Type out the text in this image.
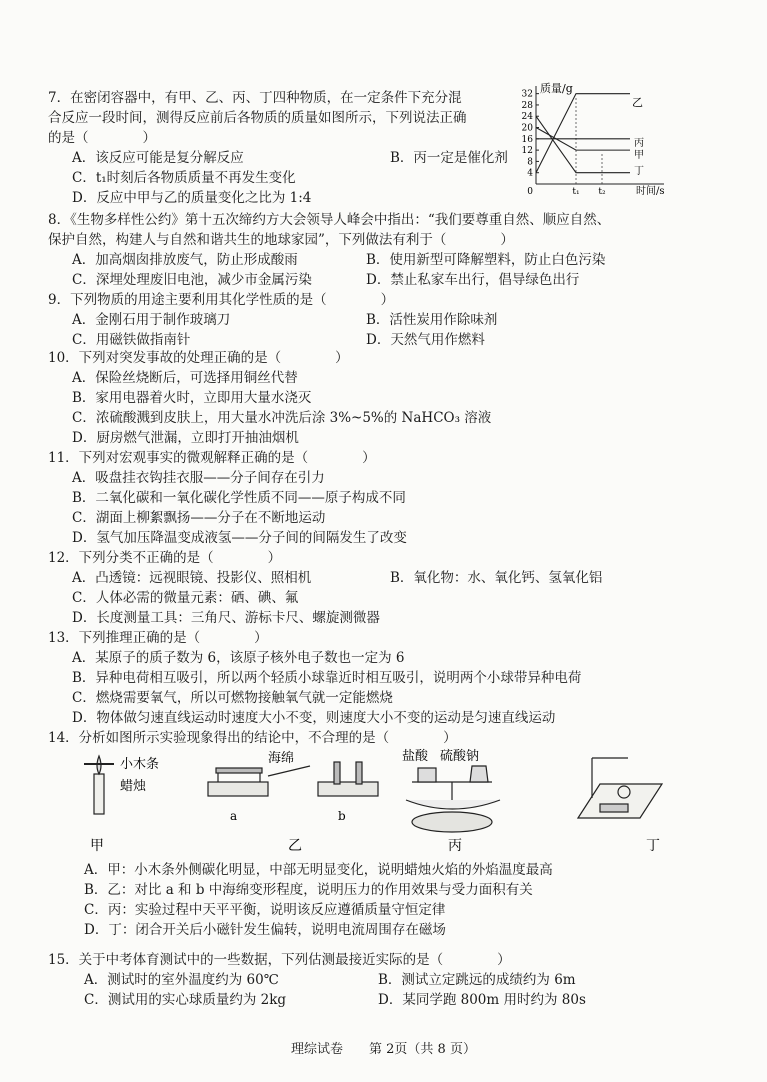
7．在密闭容器中，有甲、乙、丙、丁四种物质，在一定条件下充分混
合反应一段时间，测得反应前后各物质的质量如图所示，下列说法正确
的是（　　　　）
A．该反应可能是复分解反应	B．丙一定是催化剂
C．t₁时刻后各物质质量不再发生变化
D．反应中甲与乙的质量变化之比为 1:4
质量/g
32
28
24
20
16
12
8
4
0	t₁ t₂	时间/s
乙
丙
甲
丁
8．《生物多样性公约》第十五次缔约方大会领导人峰会中指出：“我们要尊重自然、顺应自然、
保护自然，构建人与自然和谐共生的地球家园”，下列做法有利于（　　　　）
A．加高烟囱排放废气，防止形成酸雨	B．使用新型可降解塑料，防止白色污染
C．深埋处理废旧电池，减少市金属污染	D．禁止私家车出行，倡导绿色出行
9．下列物质的用途主要利用其化学性质的是（　　　　）
A．金刚石用于制作玻璃刀	B．活性炭用作除味剂
C．用磁铁做指南针	D．天然气用作燃料
10．下列对突发事故的处理正确的是（　　　　）
A．保险丝烧断后，可选择用铜丝代替
B．家用电器着火时，立即用大量水浇灭
C．浓硫酸溅到皮肤上，用大量水冲洗后涂 3%~5%的 NaHCO₃ 溶液
D．厨房燃气泄漏，立即打开抽油烟机
11．下列对宏观事实的微观解释正确的是（　　　　）
A．吸盘挂衣钩挂衣服——分子间存在引力
B．二氧化碳和一氧化碳化学性质不同——原子构成不同
C．湖面上柳絮飘扬——分子在不断地运动
D．氢气加压降温变成液氢——分子间的间隔发生了改变
12．下列分类不正确的是（　　　　）
A．凸透镜：远视眼镜、投影仪、照相机	B．氧化物：水、氧化钙、氢氧化铝
C．人体必需的微量元素：硒、碘、氟
D．长度测量工具：三角尺、游标卡尺、螺旋测微器
13．下列推理正确的是（　　　　）
A．某原子的质子数为 6，该原子核外电子数也一定为 6
B．异种电荷相互吸引，所以两个轻质小球靠近时相互吸引，说明两个小球带异种电荷
C．燃烧需要氧气，所以可燃物接触氧气就一定能燃烧
D．物体做匀速直线运动时速度大小不变，则速度大小不变的运动是匀速直线运动
14．分析如图所示实验现象得出的结论中，不合理的是（　　　　）
小木条
蜡烛
海绵
a	b
盐酸 硫酸钠
甲	乙	丙	丁
A．甲：小木条外侧碳化明显，中部无明显变化，说明蜡烛火焰的外焰温度最高
B．乙：对比 a 和 b 中海绵变形程度，说明压力的作用效果与受力面积有关
C．丙：实验过程中天平平衡，说明该反应遵循质量守恒定律
D．丁：闭合开关后小磁针发生偏转，说明电流周围存在磁场
15．关于中考体育测试中的一些数据，下列估测最接近实际的是（　　　　）
A．测试时的室外温度约为 60℃	B．测试立定跳远的成绩约为 6m
C．测试用的实心球质量约为 2kg	D．某同学跑 800m 用时约为 80s
理综试卷　　第 2页（共 8 页）
